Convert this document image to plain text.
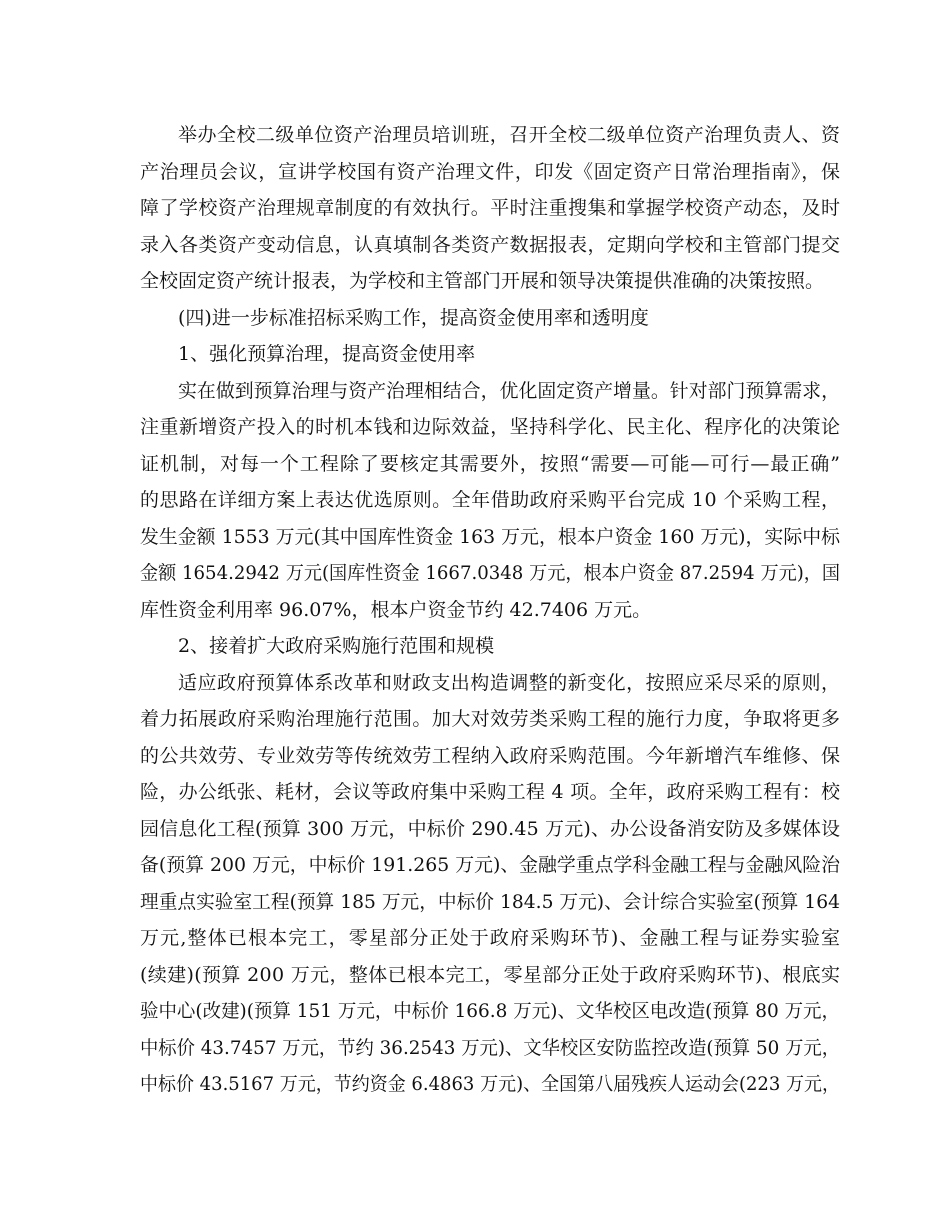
举办全校二级单位资产治理员培训班，召开全校二级单位资产治理负责人、资
产治理员会议，宣讲学校国有资产治理文件，印发《固定资产日常治理指南》，保
障了学校资产治理规章制度的有效执行。平时注重搜集和掌握学校资产动态，及时
录入各类资产变动信息，认真填制各类资产数据报表，定期向学校和主管部门提交
全校固定资产统计报表，为学校和主管部门开展和领导决策提供准确的决策按照。
(四)进一步标准招标采购工作，提高资金使用率和透明度
1、强化预算治理，提高资金使用率
实在做到预算治理与资产治理相结合，优化固定资产增量。针对部门预算需求，
注重新增资产投入的时机本钱和边际效益，坚持科学化、民主化、程序化的决策论
证机制，对每一个工程除了要核定其需要外，按照“需要—可能—可行—最正确”
的思路在详细方案上表达优选原则。全年借助政府采购平台完成 10 个采购工程，
发生金额 1553 万元(其中国库性资金 163 万元，根本户资金 160 万元)，实际中标
金额 1654.2942 万元(国库性资金 1667.0348 万元，根本户资金 87.2594 万元)，国
库性资金利用率 96.07%，根本户资金节约 42.7406 万元。
2、接着扩大政府采购施行范围和规模
适应政府预算体系改革和财政支出构造调整的新变化，按照应采尽采的原则，
着力拓展政府采购治理施行范围。加大对效劳类采购工程的施行力度，争取将更多
的公共效劳、专业效劳等传统效劳工程纳入政府采购范围。今年新增汽车维修、保
险，办公纸张、耗材，会议等政府集中采购工程 4 项。全年，政府采购工程有：校
园信息化工程(预算 300 万元，中标价 290.45 万元)、办公设备消安防及多媒体设
备(预算 200 万元，中标价 191.265 万元)、金融学重点学科金融工程与金融风险治
理重点实验室工程(预算 185 万元，中标价 184.5 万元)、会计综合实验室(预算 164
万元,整体已根本完工，零星部分正处于政府采购环节)、金融工程与证券实验室
(续建)(预算 200 万元，整体已根本完工，零星部分正处于政府采购环节)、根底实
验中心(改建)(预算 151 万元，中标价 166.8 万元)、文华校区电改造(预算 80 万元，
中标价 43.7457 万元，节约 36.2543 万元)、文华校区安防监控改造(预算 50 万元，
中标价 43.5167 万元，节约资金 6.4863 万元)、全国第八届残疾人运动会(223 万元，
